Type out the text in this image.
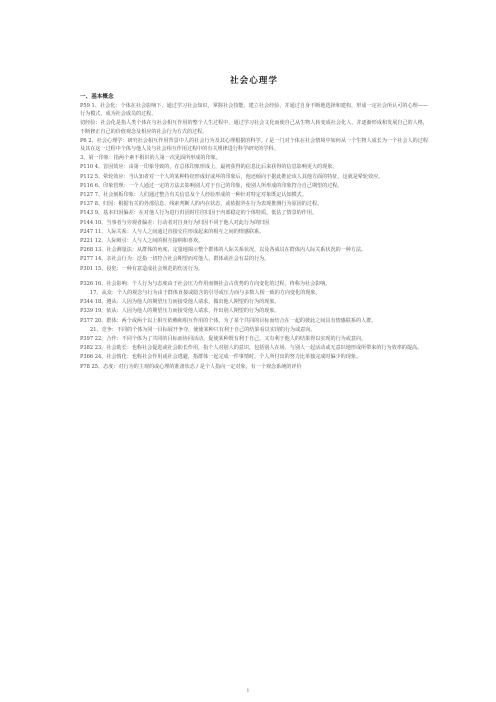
社会心理学
一、基本概念

P59 1、社会化：个体在社会影响下，通过学习社会知识，掌握社会技能，建立社会经验，并通过自身不断地选择和建构，形成一定社会所认可的心理——行为模式，成为社会成员的过程。

切经验：社会化是指人类个体在与社会相互作用的整个人生过程中，通过学习社会文化而使自己从生物人转变成社会化人，并逐渐形成和发展自己的人格，不断修正自己的价值观念及相应的社会行为方式的过程。

P6 2、社会心理学：研究社会相互作用背景中人的社会行为及其心理根据的科学。/ 是一门对个体在社会情境中如何从一个生物人成长为一个社会人的过程及其在这一过程中个体与他人及与社会相互作用过程中的有关规律进行科学研究的学科。

3、第一印象：指两个素不相识的人第一次见面所形成的印象。

P110 4、首因效应：由第一印象导致的，在总体印象形成上，最初获得的信息比后来获得的信息影响更大的现象。

P112 5、晕轮效应：当认知者对一个人的某种特征形成好或坏的印象后，他还倾向于据此推论该人其他方面的特征，这就是晕轮效应。

P116 6、印象管理：一个人通过一定的方法去影响别人对于自己的印象，使别人所形成的印象符合自己期望的过程。

P127 7、社会刻板印象：人们通过整合有关信息及个人经验形成的一种针对特定对象既定认知模式。

P137 8、归因：根据有关的外部信息、线索判断人的内在状态，或依据外在行为表现推测行为原因的过程。

P143 9、基本归因偏差：在对他人行为进行归因时往往归因于内部稳定的个体特质，低估了情景的作用。

P144 10、当事者与旁观者偏差：行动者对自身行为归因不同于他人对此行为的归因

P247 11、人际关系：人与人之间通过直接交往形成起来的相互之间的情感联系。

P221 12、人际吸引：人与人之间的相互接纳和喜欢。

P268 13、社会测量法：从群体的角度，定量地揭示整个群体的人际关系状况，以及各成员在群体内人际关系状况的一种方法。

P277 14、亲社会行为：泛指一切符合社会期望而对他人、群体或社会有益的行为。

P301 15、侵犯：一种有意造成社会规范的伤害行为。

P326 16、社会影响：个人行为与态度由于社会压力作用而朝社会占优势的方向变化的过程，终称为社会影响。

17、从众：个人的观念与行为由于群体直接或隐含的引导或压力而与多数人相一致的方向变化的现象。

P344 18、遵从：人因为他人的期望压力而接受他人请求，做出他人期望的行为的现象。

P339 19、依从：人因为他人的期望压力而接受他人请求，作出别人期望的行为的现象。

P377 20、群体：两个或两个以上相互依赖和相互作用的个体，为了某个共同的目标而结合在一起的彼此之间具有情感联系的人群。

21、竞争：不同的个体为同一目标展开争夺，使使某种只有利于自己的结果看以实现的行为或意向。

P397 22、合作：不同个体为了共同的目标而协同活动，促使某种既有利于自己，又有利于他人的结果得以实现的行为或意向。

P382 23、社会助长：也称社会促进或社会助长作用，指个人对别人的意识，包括别人在场、与别人一起活动或无意识地形成所带来的行为效率的提高。

P366 24、社会惰化：也称社会作用或社会逃避，指群体一起完成一件事情时，个人所付出的努力比单独完成时偏少的现象。

P78 25、态度：对行为的主观的或心理的准备状态 / 是个人指向一定对象，有一个观念系统的评价

1
